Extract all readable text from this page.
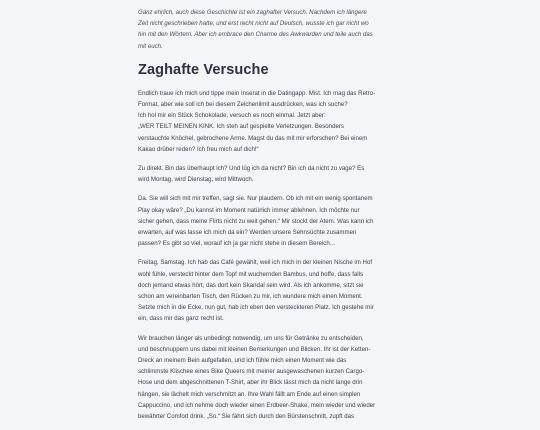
Ganz ehrlich, auch diese Geschichte ist ein zaghafter Versuch. Nachdem ich längere
Zeit nicht geschrieben hatte, und erst recht nicht auf Deutsch, wusste ich gar nicht wo
hin mit den Wörtern. Aber ich embrace den Charme des Awkwarden und teile auch das
mit euch.
Zaghafte Versuche

Endlich traue ich mich und tippe mein Inserat in die Datingapp. Mist. Ich mag das Retro-
Format, aber wie soll ich bei diesem Zeichenlimit ausdrücken, was ich suche?
Ich hol mir ein Stück Schokolade, versuch es noch einmal. Jetzt aber:
„WER TEILT MEINEN KINK. Ich steh auf gespielte Verletzungen. Besonders
verstauchte Knöchel, gebrochene Arme. Magst du das mit mir erforschen? Bei einem
Kakao drüber reden? Ich freu mich auf dich!“

Zu direkt. Bin das überhaupt ich? Und lüg ich da nicht? Bin ich da nicht zu vage? Es
wird Montag, wird Dienstag, wird Mittwoch.

Da. Sie will sich mit mir treffen, sagt sie. Nur plaudern. Ob ich mit ein wenig spontanem
Play okay wäre? „Du kannst im Moment natürlich immer ablehnen. Ich möchte nur
sicher gehen, dass meine Flirts nicht zu weit gehen.“ Mir stockt der Atem. Was kann ich
erwarten, auf was lasse ich mich da ein? Werden unsere Sehnsüchte zusammen
passen? Es gibt so viel, worauf ich ja gar nicht stehe in diesem Bereich…

Freitag, Samstag. Ich hab das Café gewählt, weil ich mich in der kleinen Nische im Hof
wohl fühle, versteckt hinter dem Topf mit wuchernden Bambus, und hoffe, dass falls
doch jemand etwas hört, das dort kein Skandal sein wird. Als ich ankomme, sitzt sie
schon am vereinbarten Tisch, den Rücken zu mir, ich wundere mich einen Moment.
Setzte mich in die Ecke, nun gut, hab ich eben den versteckteren Platz. Ich gestehe mir
ein, dass mir das ganz recht ist.

Wir brauchen länger als unbedingt notwendig, um uns für Getränke zu entscheiden,
und beschnuppern uns dabei mit kleinen Bemerkungen und Blicken. Ihr ist der Ketten-
Dreck an meinem Bein aufgefallen, und ich fühle mich einen Moment wie das
schlimmste Klischee eines Bike Queers mit meiner ausgewaschenen kurzen Cargo-
Hose und dem abgeschnittenen T-Shirt, aber ihr Blick lässt mich da nicht lange drin
hängen, sie lächelt mich verschmitzt an. Ihre Wahl fällt am Ende auf einen simplen
Cappuccino, und ich nehme doch wieder einen Erdbeer-Shake, mein wieder und wieder
bewährter Comfort drink. „So.“ Sie fährt sich durch den Bürstenschnitt, zupft das
